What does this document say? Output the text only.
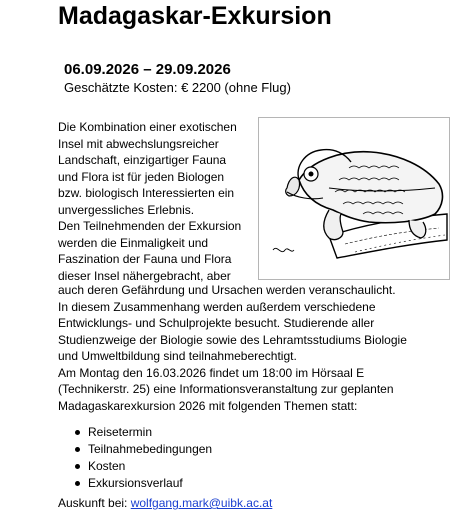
Madagaskar-Exkursion
06.09.2026 – 29.09.2026
Geschätzte Kosten: € 2200 (ohne Flug)
Die Kombination einer exotischen
Insel mit abwechslungsreicher
Landschaft, einzigartiger Fauna
und Flora ist für jeden Biologen
bzw. biologisch Interessierten ein
unvergessliches Erlebnis.
Den Teilnehmenden der Exkursion
werden die Einmaligkeit und
Faszination der Fauna und Flora
dieser Insel nähergebracht, aber
auch deren Gefährdung und Ursachen werden veranschaulicht.
In diesem Zusammenhang werden außerdem verschiedene
Entwicklungs- und Schulprojekte besucht. Studierende aller
Studienzweige der Biologie sowie des Lehramtsstudiums Biologie
und Umweltbildung sind teilnahmeberechtigt.
Am Montag den 16.03.2026 findet um 18:00 im Hörsaal E
(Technikerstr. 25) eine Informationsveranstaltung zur geplanten
Madagaskarexkursion 2026 mit folgenden Themen statt:
Reisetermin
Teilnahmebedingungen
Kosten
Exkursionsverlauf
Auskunft bei: wolfgang.mark@uibk.ac.at
